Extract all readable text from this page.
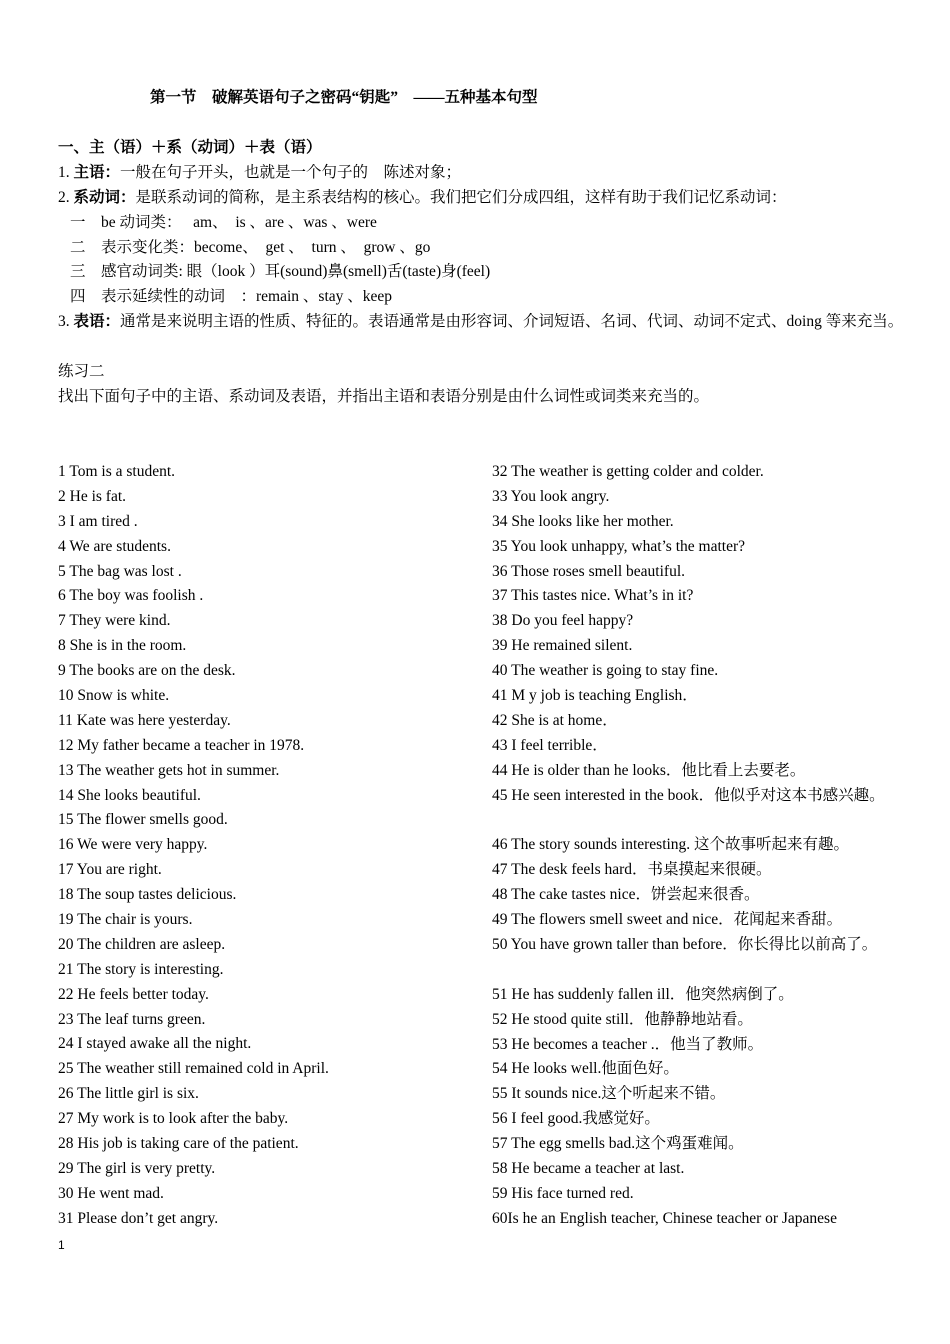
第一节　破解英语句子之密码“钥匙”　——五种基本句型
一、主（语）＋系（动词）＋表（语）
1. 主语：一般在句子开头，也就是一个句子的　陈述对象；
2. 系动词：是联系动词的简称，是主系表结构的核心。我们把它们分成四组，这样有助于我们记忆系动词：
一　be 动词类：　 am、　is 、are 、was 、were
二　表示变化类：become、　get 、　turn 、　grow 、go
三　感官动词类: 眼（look ）耳(sound)鼻(smell)舌(taste)身(feel)
四　表示延续性的动词　：remain 、stay 、keep
3. 表语：通常是来说明主语的性质、特征的。表语通常是由形容词、介词短语、名词、代词、动词不定式、doing 等来充当。
练习二
找出下面句子中的主语、系动词及表语，并指出主语和表语分别是由什么词性或词类来充当的。
1 Tom is a student.
2 He is fat.
3 I am tired .
4 We are students.
5 The bag was lost .
6 The boy was foolish .
7 They were kind.
8 She is in the room.
9 The books are on the desk.
10 Snow is white.
11 Kate was here yesterday.
12 My father became a teacher in 1978.
13 The weather gets hot in summer.
14 She looks beautiful.
15 The flower smells good.
16 We were very happy.
17 You are right.
18 The soup tastes delicious.
19 The chair is yours.
20 The children are asleep.
21 The story is interesting.
22 He feels better today.
23 The leaf turns green.
24 I stayed awake all the night.
25 The weather still remained cold in April.
26 The little girl is six.
27 My work is to look after the baby.
28 His job is taking care of the patient.
29 The girl is very pretty.
30 He went mad.
31 Please don’t get angry.
32 The weather is getting colder and colder.
33 You look angry.
34 She looks like her mother.
35 You look unhappy, what’s the matter?
36 Those roses smell beautiful.
37 This tastes nice. What’s in it?
38 Do you feel happy?
39 He remained silent.
40 The weather is going to stay fine.
41 M y job is teaching English．
42 She is at home．
43 I feel terrible．
44 He is older than he looks．他比看上去要老。
45 He seen interested in the book．他似乎对这本书感兴趣。
46 The story sounds interesting. 这个故事听起来有趣。
47 The desk feels hard．书桌摸起来很硬。
48 The cake tastes nice．饼尝起来很香。
49 The flowers smell sweet and nice．花闻起来香甜。
50 You have grown taller than before．你长得比以前高了。
51 He has suddenly fallen ill．他突然病倒了。
52 He stood quite still．他静静地站看。
53 He becomes a teacher .．他当了教师。
54 He looks well.他面色好。
55 It sounds nice.这个听起来不错。
56 I feel good.我感觉好。
57 The egg smells bad.这个鸡蛋难闻。
58 He became a teacher at last.
59 His face turned red.
60Is he an English teacher, Chinese teacher or Japanese
1
